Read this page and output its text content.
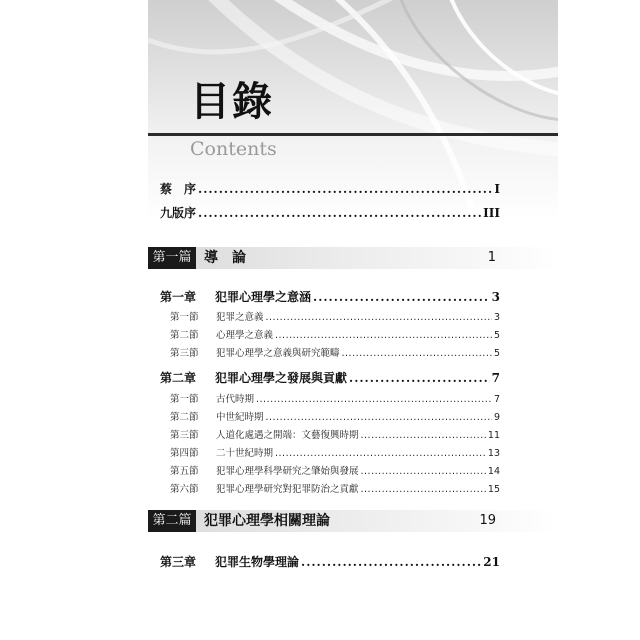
目錄
Contents
蔡　序 .....	I
九版序 .....	III
第一篇 導　論	1
第一章	犯罪心理學之意涵 .....	3
第一節	犯罪之意義 .....	3
第二節	心理學之意義 .....	5
第三節	犯罪心理學之意義與研究範疇 .....	5
第二章	犯罪心理學之發展與貢獻 .....	7
第一節	古代時期 .....	7
第二節	中世紀時期 .....	9
第三節	人道化處遇之開端：文藝復興時期 .....	11
第四節	二十世紀時期 .....	13
第五節	犯罪心理學科學研究之肇始與發展 .....	14
第六節	犯罪心理學研究對犯罪防治之貢獻 .....	15
第二篇 犯罪心理學相關理論	19
第三章	犯罪生物學理論 .....	21
